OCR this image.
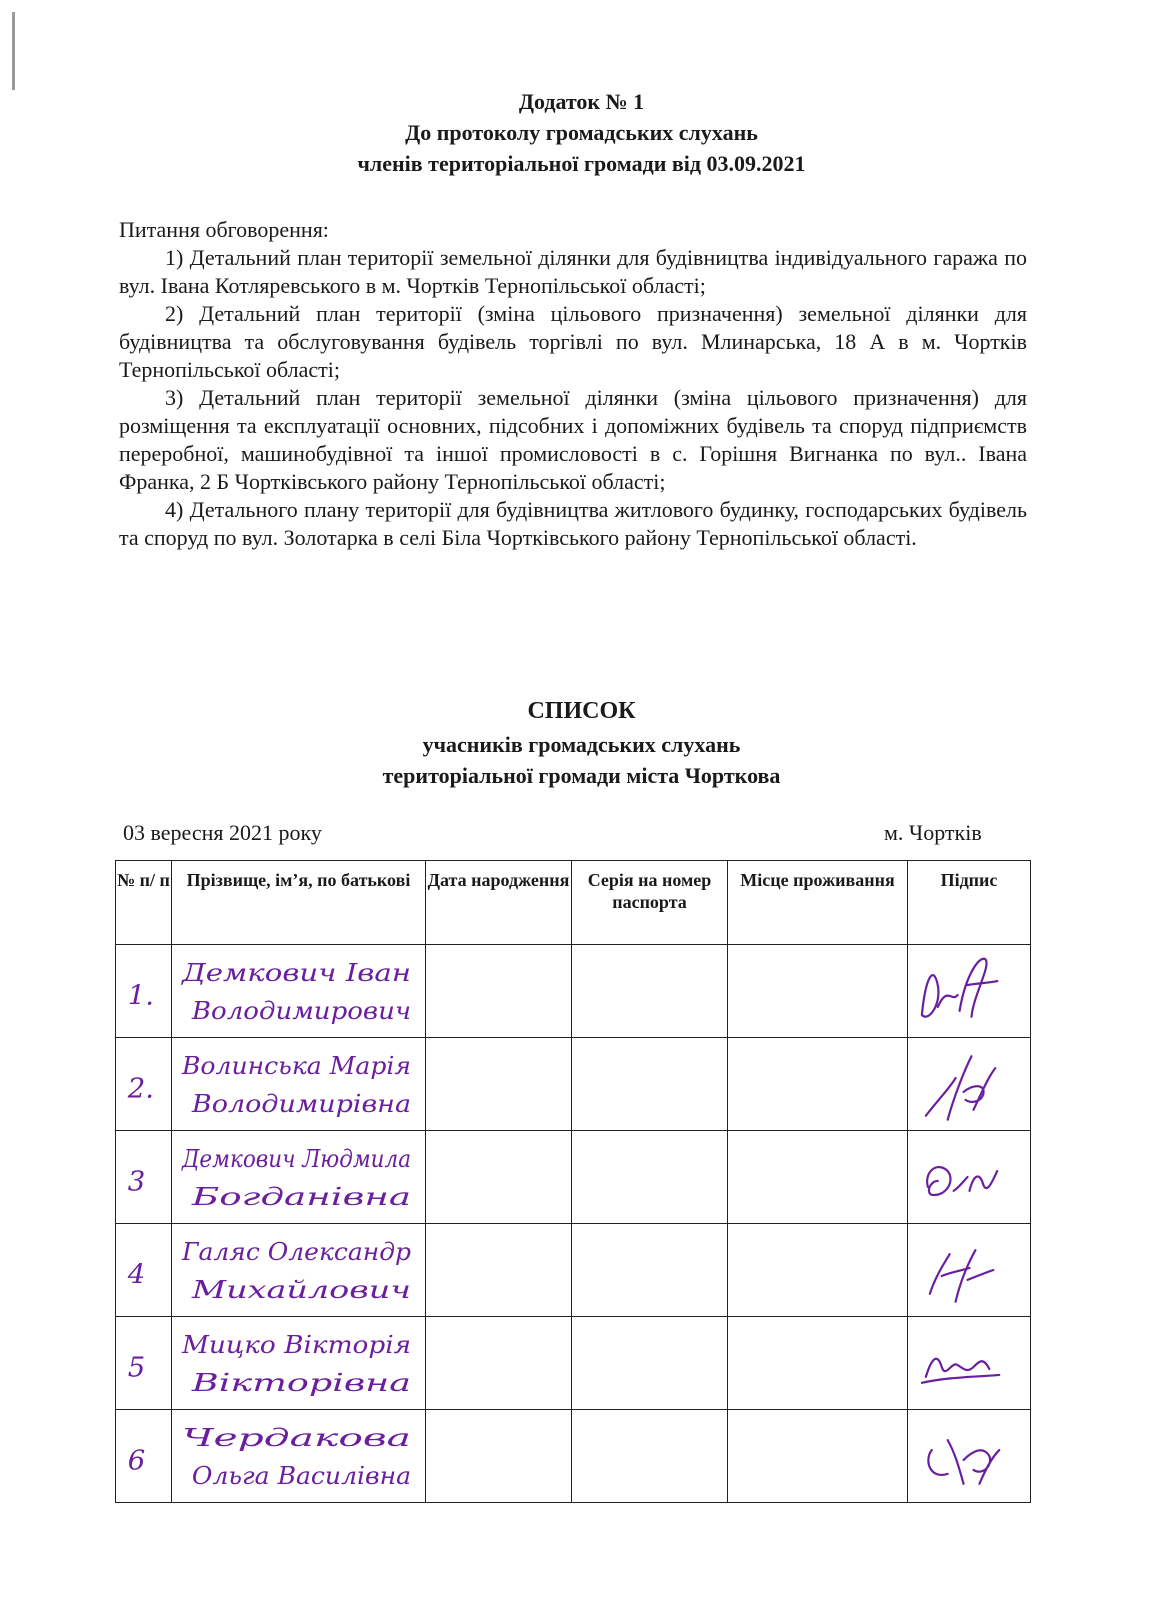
Додаток № 1
До протоколу громадських слухань
членів територіальної громади від 03.09.2021

Питання обговорення:

1) Детальний план території земельної ділянки для будівництва індивідуального гаража по вул. Івана Котляревського в м. Чортків Тернопільської області;

2) Детальний план території (зміна цільового призначення) земельної ділянки для будівництва та обслуговування будівель торгівлі по вул. Млинарська, 18 А в м. Чортків Тернопільської області;

3) Детальний план території земельної ділянки (зміна цільового призначення) для розміщення та експлуатації основних, підсобних і допоміжних будівель та споруд підприємств переробної, машинобудівної та іншої промисловості в с. Горішня Вигнанка по вул.. Івана Франка, 2 Б Чортківського району Тернопільської області;

4) Детального плану території для будівництва житлового будинку, господарських будівель та споруд по вул. Золотарка в селі Біла Чортківського району Тернопільської області.

СПИСОК
учасників громадських слухань
територіальної громади міста Чорткова
03 вересня 2021 року	м. Чортків
№ п/ п	Прізвище, ім’я, по батькові	Дата народження	Серія на номер паспорта	Місце проживання	Підпис

1.	Демкович Іван
Володимирович

2.	Волинська Марія
Володимирівна

3	Демкович Людмила
Богданівна

4	Галяс Олександр
Михайлович

5	Мицко Вікторія
Вікторівна

6	Чердакова
Ольга Василівна
